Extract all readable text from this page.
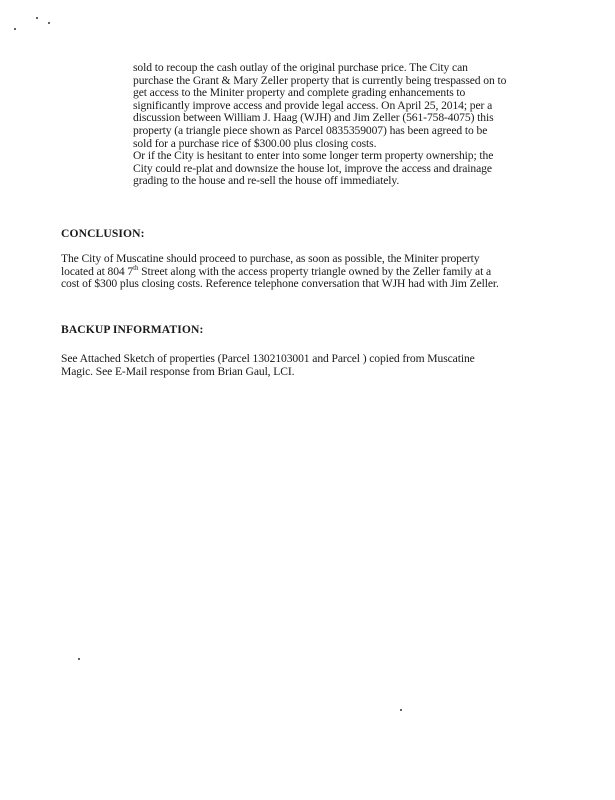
sold to recoup the cash outlay of the original purchase price. The City can
purchase the Grant & Mary Zeller property that is currently being trespassed on to
get access to the Miniter property and complete grading enhancements to
significantly improve access and provide legal access. On April 25, 2014; per a
discussion between William J. Haag (WJH) and Jim Zeller (561-758-4075) this
property (a triangle piece shown as Parcel 0835359007) has been agreed to be
sold for a purchase rice of $300.00 plus closing costs.
Or if the City is hesitant to enter into some longer term property ownership; the
City could re-plat and downsize the house lot, improve the access and drainage
grading to the house and re-sell the house off immediately.
CONCLUSION:
The City of Muscatine should proceed to purchase, as soon as possible, the Miniter property
located at 804 7th Street along with the access property triangle owned by the Zeller family at a
cost of $300 plus closing costs. Reference telephone conversation that WJH had with Jim Zeller.
BACKUP INFORMATION:
See Attached Sketch of properties (Parcel 1302103001 and Parcel ) copied from Muscatine
Magic. See E-Mail response from Brian Gaul, LCI.
